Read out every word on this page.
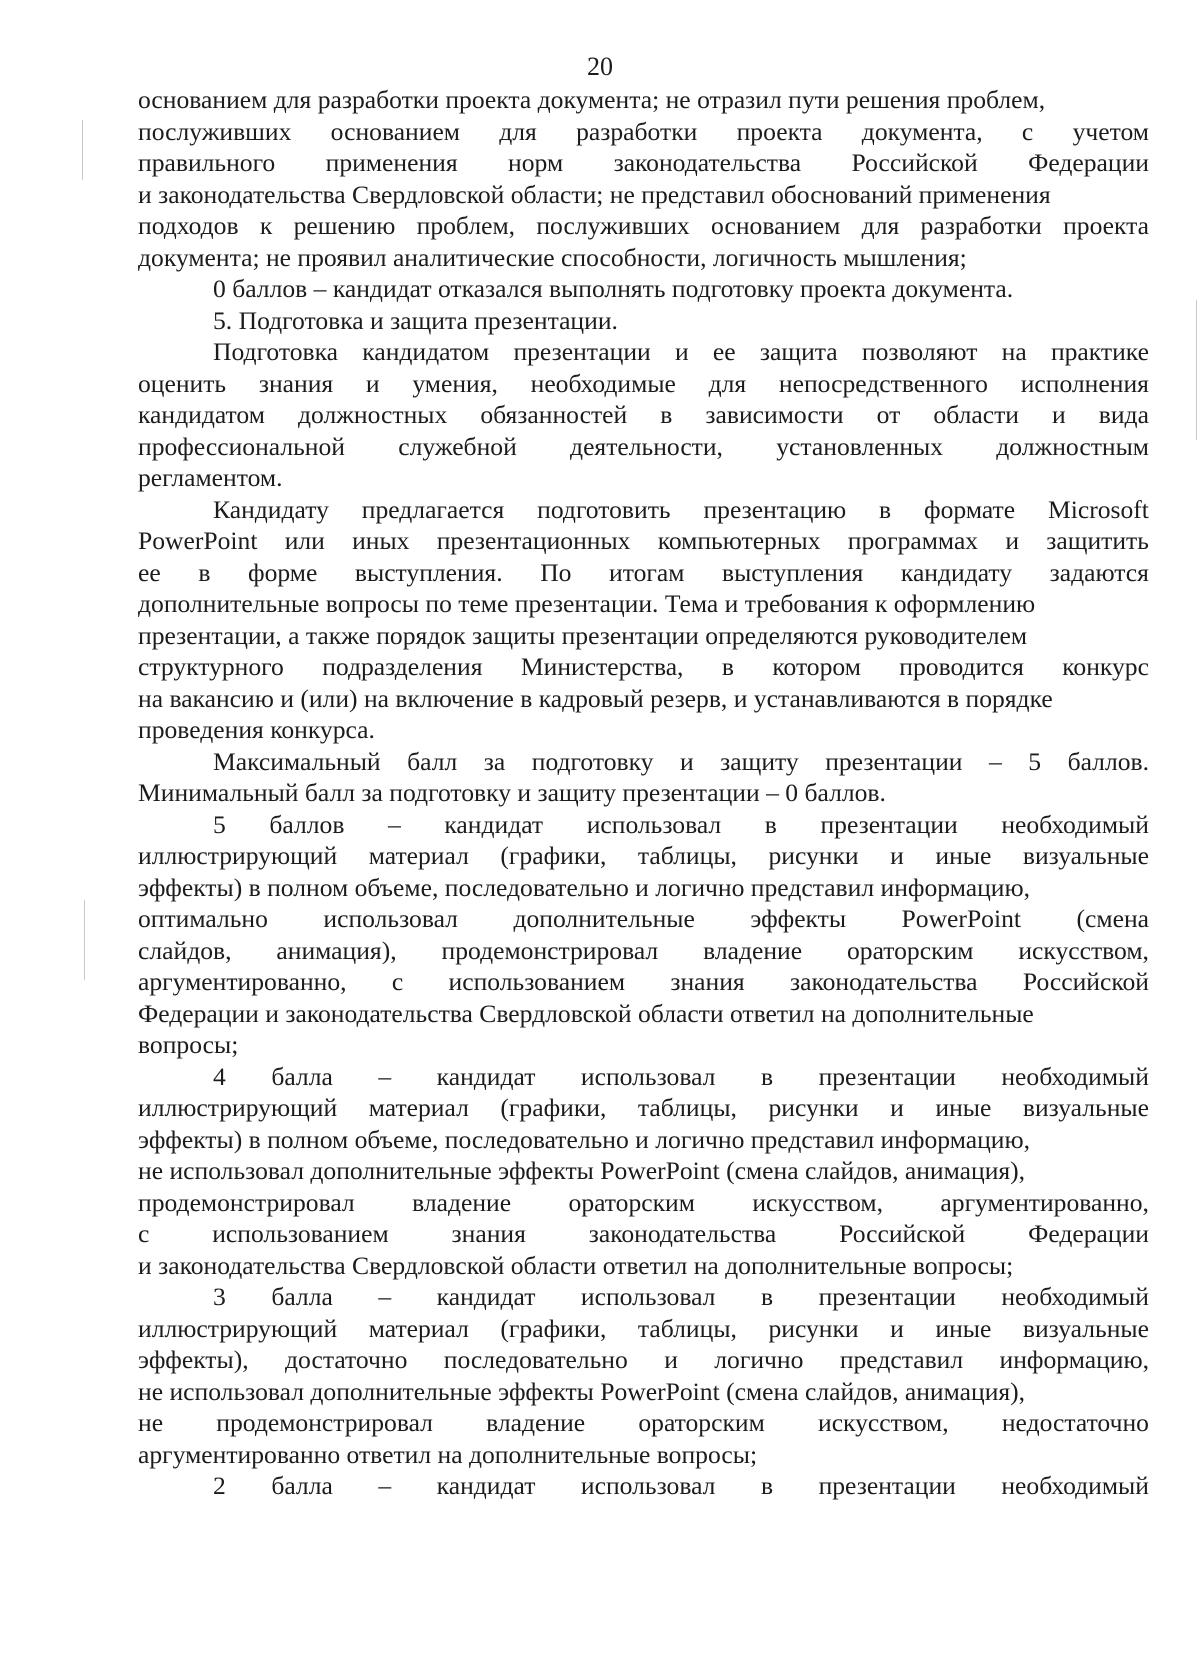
20
основанием для разработки проекта документа; не отразил пути решения проблем,
послуживших основанием для разработки проекта документа, с учетом
правильного применения норм законодательства Российской Федерации
и законодательства Свердловской области; не представил обоснований применения
подходов к решению проблем, послуживших основанием для разработки проекта
документа; не проявил аналитические способности, логичность мышления;
0 баллов – кандидат отказался выполнять подготовку проекта документа.
5. Подготовка и защита презентации.
Подготовка кандидатом презентации и ее защита позволяют на практике
оценить знания и умения, необходимые для непосредственного исполнения
кандидатом должностных обязанностей в зависимости от области и вида
профессиональной служебной деятельности, установленных должностным
регламентом.
Кандидату предлагается подготовить презентацию в формате Microsoft
PowerPoint или иных презентационных компьютерных программах и защитить
ее в форме выступления. По итогам выступления кандидату задаются
дополнительные вопросы по теме презентации. Тема и требования к оформлению
презентации, а также порядок защиты презентации определяются руководителем
структурного подразделения Министерства, в котором проводится конкурс
на вакансию и (или) на включение в кадровый резерв, и устанавливаются в порядке
проведения конкурса.
Максимальный балл за подготовку и защиту презентации – 5 баллов.
Минимальный балл за подготовку и защиту презентации – 0 баллов.
5 баллов – кандидат использовал в презентации необходимый
иллюстрирующий материал (графики, таблицы, рисунки и иные визуальные
эффекты) в полном объеме, последовательно и логично представил информацию,
оптимально использовал дополнительные эффекты PowerPoint (смена
слайдов, анимация), продемонстрировал владение ораторским искусством,
аргументированно, с использованием знания законодательства Российской
Федерации и законодательства Свердловской области ответил на дополнительные
вопросы;
4 балла – кандидат использовал в презентации необходимый
иллюстрирующий материал (графики, таблицы, рисунки и иные визуальные
эффекты) в полном объеме, последовательно и логично представил информацию,
не использовал дополнительные эффекты PowerPoint (смена слайдов, анимация),
продемонстрировал владение ораторским искусством, аргументированно,
с использованием знания законодательства Российской Федерации
и законодательства Свердловской области ответил на дополнительные вопросы;
3 балла – кандидат использовал в презентации необходимый
иллюстрирующий материал (графики, таблицы, рисунки и иные визуальные
эффекты), достаточно последовательно и логично представил информацию,
не использовал дополнительные эффекты PowerPoint (смена слайдов, анимация),
не продемонстрировал владение ораторским искусством, недостаточно
аргументированно ответил на дополнительные вопросы;
2 балла – кандидат использовал в презентации необходимый
